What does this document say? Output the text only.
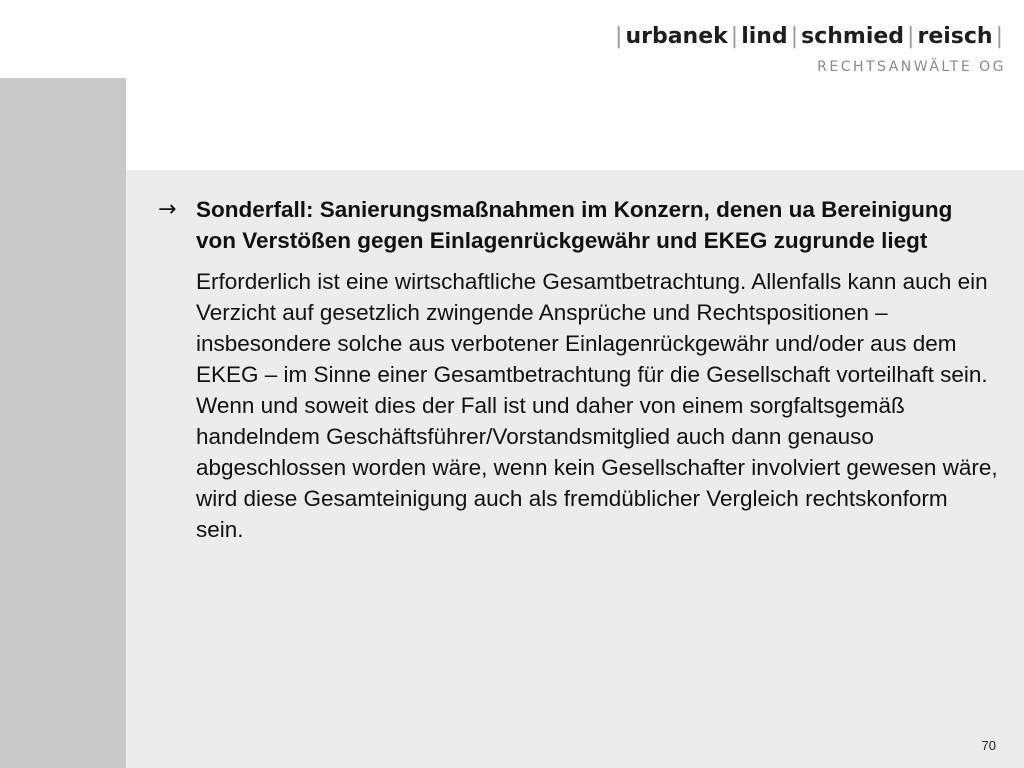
| urbanek | lind | schmied | reisch |
RECHTSANWÄLTE OG
→ Sonderfall: Sanierungsmaßnahmen im Konzern, denen ua Bereinigung von Verstößen gegen Einlagenrückgewähr und EKEG zugrunde liegt

Erforderlich ist eine wirtschaftliche Gesamtbetrachtung. Allenfalls kann auch ein Verzicht auf gesetzlich zwingende Ansprüche und Rechtspositionen – insbesondere solche aus verbotener Einlagenrückgewähr und/oder aus dem EKEG – im Sinne einer Gesamtbetrachtung für die Gesellschaft vorteilhaft sein. Wenn und soweit dies der Fall ist und daher von einem sorgfaltsgemäß handelndem Geschäftsführer/Vorstandsmitglied auch dann genauso abgeschlossen worden wäre, wenn kein Gesellschafter involviert gewesen wäre, wird diese Gesamteinigung auch als fremdüblicher Vergleich rechtskonform sein.

70
